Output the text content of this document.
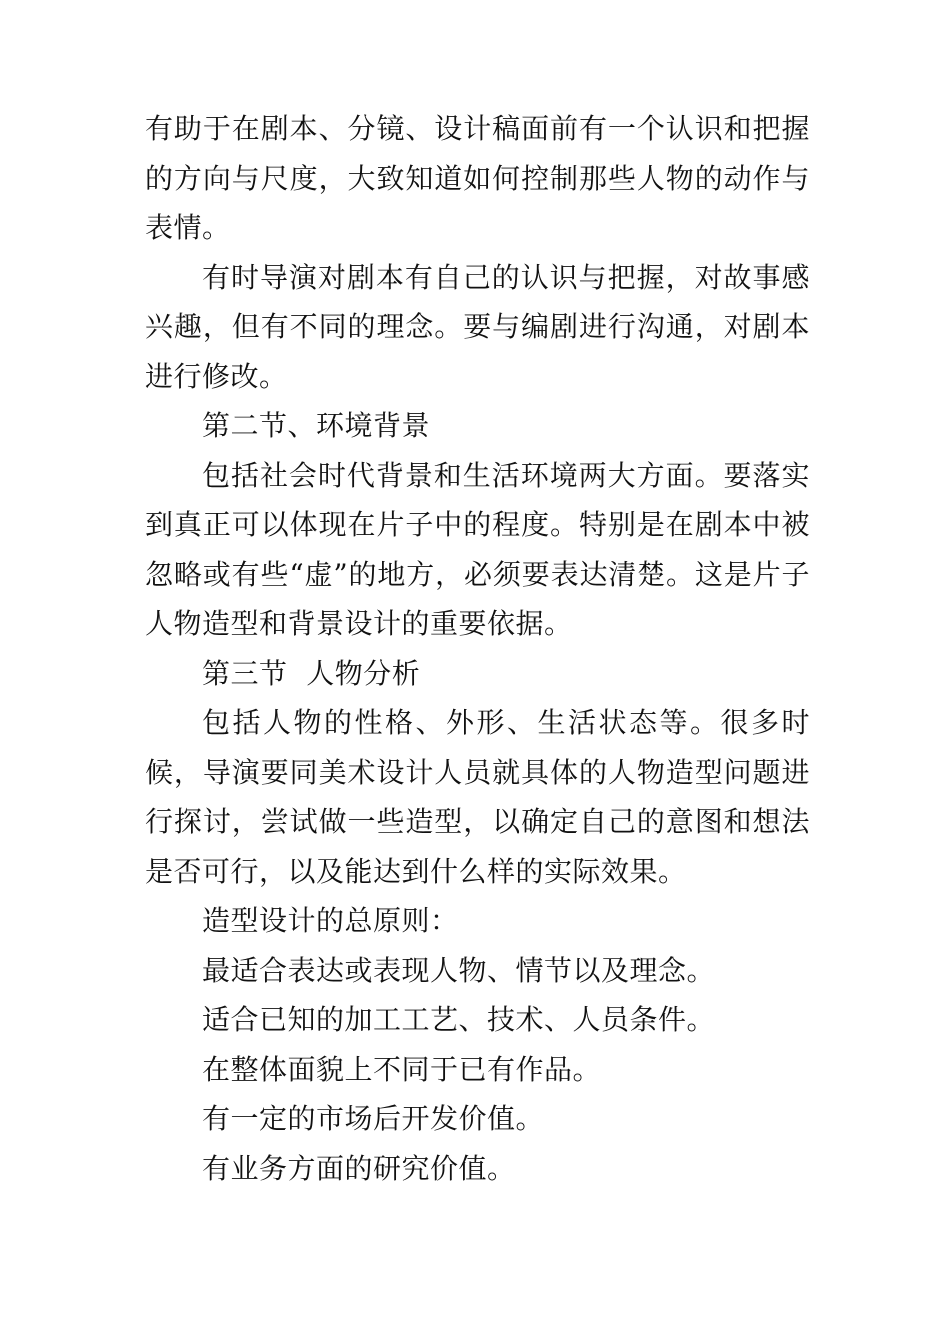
有助于在剧本、分镜、设计稿面前有一个认识和把握的方向与尺度，大致知道如何控制那些人物的动作与表情。

有时导演对剧本有自己的认识与把握，对故事感兴趣，但有不同的理念。要与编剧进行沟通，对剧本进行修改。

第二节、环境背景

包括社会时代背景和生活环境两大方面。要落实到真正可以体现在片子中的程度。特别是在剧本中被忽略或有些“虚”的地方，必须要表达清楚。这是片子人物造型和背景设计的重要依据。

第三节  人物分析

包括人物的性格、外形、生活状态等。很多时候，导演要同美术设计人员就具体的人物造型问题进行探讨，尝试做一些造型，以确定自己的意图和想法是否可行，以及能达到什么样的实际效果。

造型设计的总原则：

最适合表达或表现人物、情节以及理念。

适合已知的加工工艺、技术、人员条件。

在整体面貌上不同于已有作品。

有一定的市场后开发价值。

有业务方面的研究价值。
